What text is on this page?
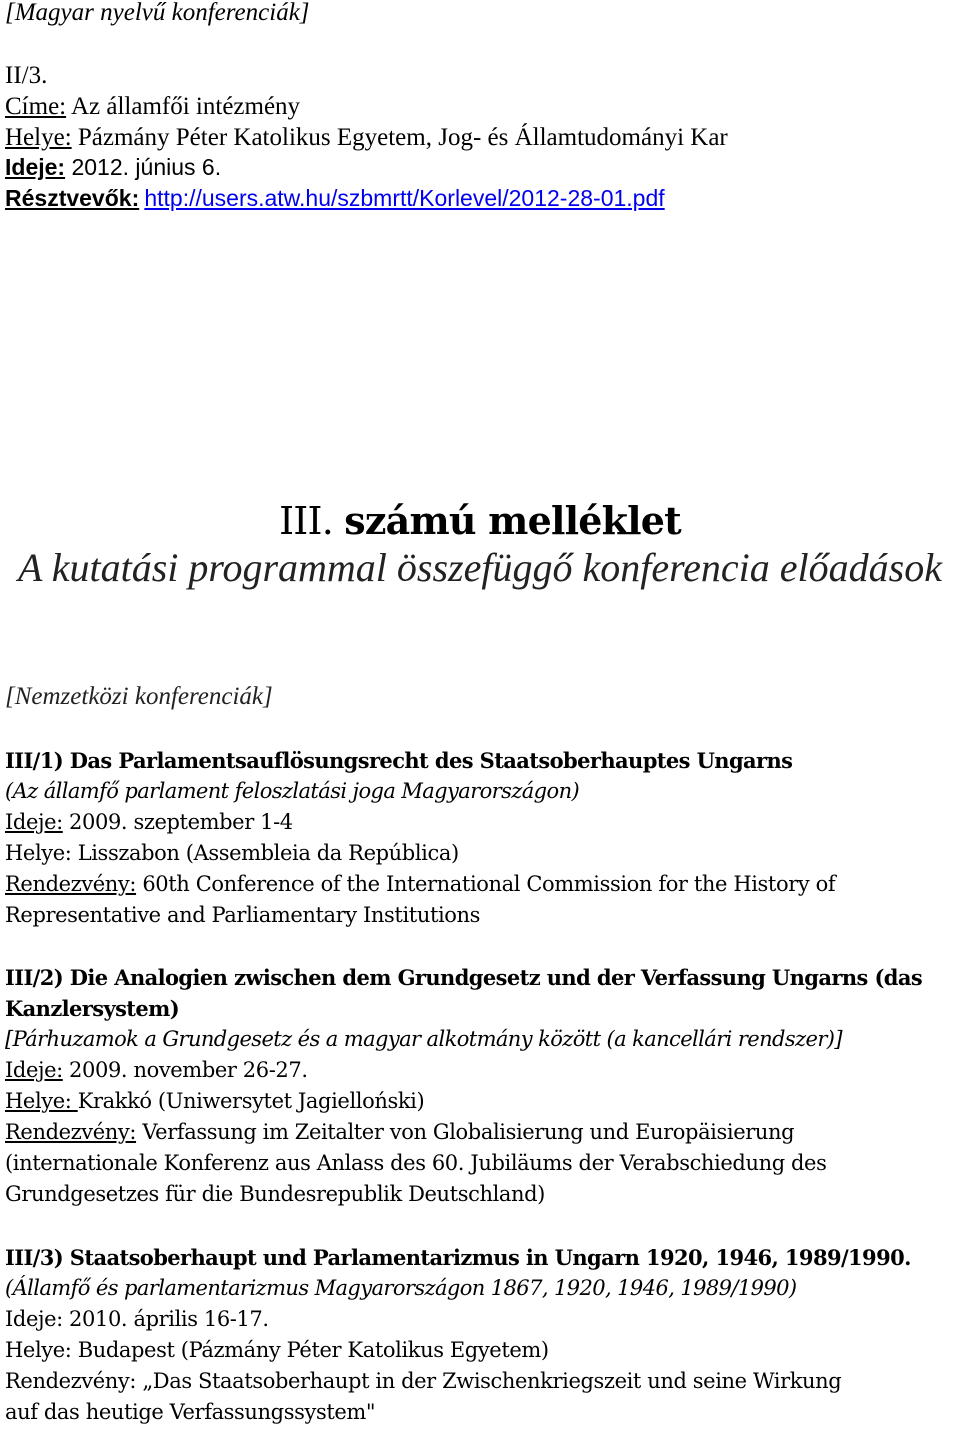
[Magyar nyelvű konferenciák]
II/3.
Címe: Az államfői intézmény
Helye: Pázmány Péter Katolikus Egyetem, Jog- és Államtudományi Kar
Ideje: 2012. június 6.
Résztvevők: http://users.atw.hu/szbmrtt/Korlevel/2012-28-01.pdf
III. számú melléklet
A kutatási programmal összefüggő konferencia előadások
[Nemzetközi konferenciák]
III/1) Das Parlamentsauflösungsrecht des Staatsoberhauptes Ungarns
(Az államfő parlament feloszlatási joga Magyarországon)
Ideje: 2009. szeptember 1-4
Helye: Lisszabon (Assembleia da República)
Rendezvény: 60th Conference of the International Commission for the History of
Representative and Parliamentary Institutions
III/2) Die Analogien zwischen dem Grundgesetz und der Verfassung Ungarns (das
Kanzlersystem)
[Párhuzamok a Grundgesetz és a magyar alkotmány között (a kancellári rendszer)]
Ideje: 2009. november 26-27.
Helye: Krakkó (Uniwersytet Jagielloński)
Rendezvény: Verfassung im Zeitalter von Globalisierung und Europäisierung
(internationale Konferenz aus Anlass des 60. Jubiläums der Verabschiedung des
Grundgesetzes für die Bundesrepublik Deutschland)
III/3) Staatsoberhaupt und Parlamentarizmus in Ungarn 1920, 1946, 1989/1990.
(Államfő és parlamentarizmus Magyarországon 1867, 1920, 1946, 1989/1990)
Ideje: 2010. április 16-17.
Helye: Budapest (Pázmány Péter Katolikus Egyetem)
Rendezvény: „Das Staatsoberhaupt in der Zwischenkriegszeit und seine Wirkung
auf das heutige Verfassungssystem"
